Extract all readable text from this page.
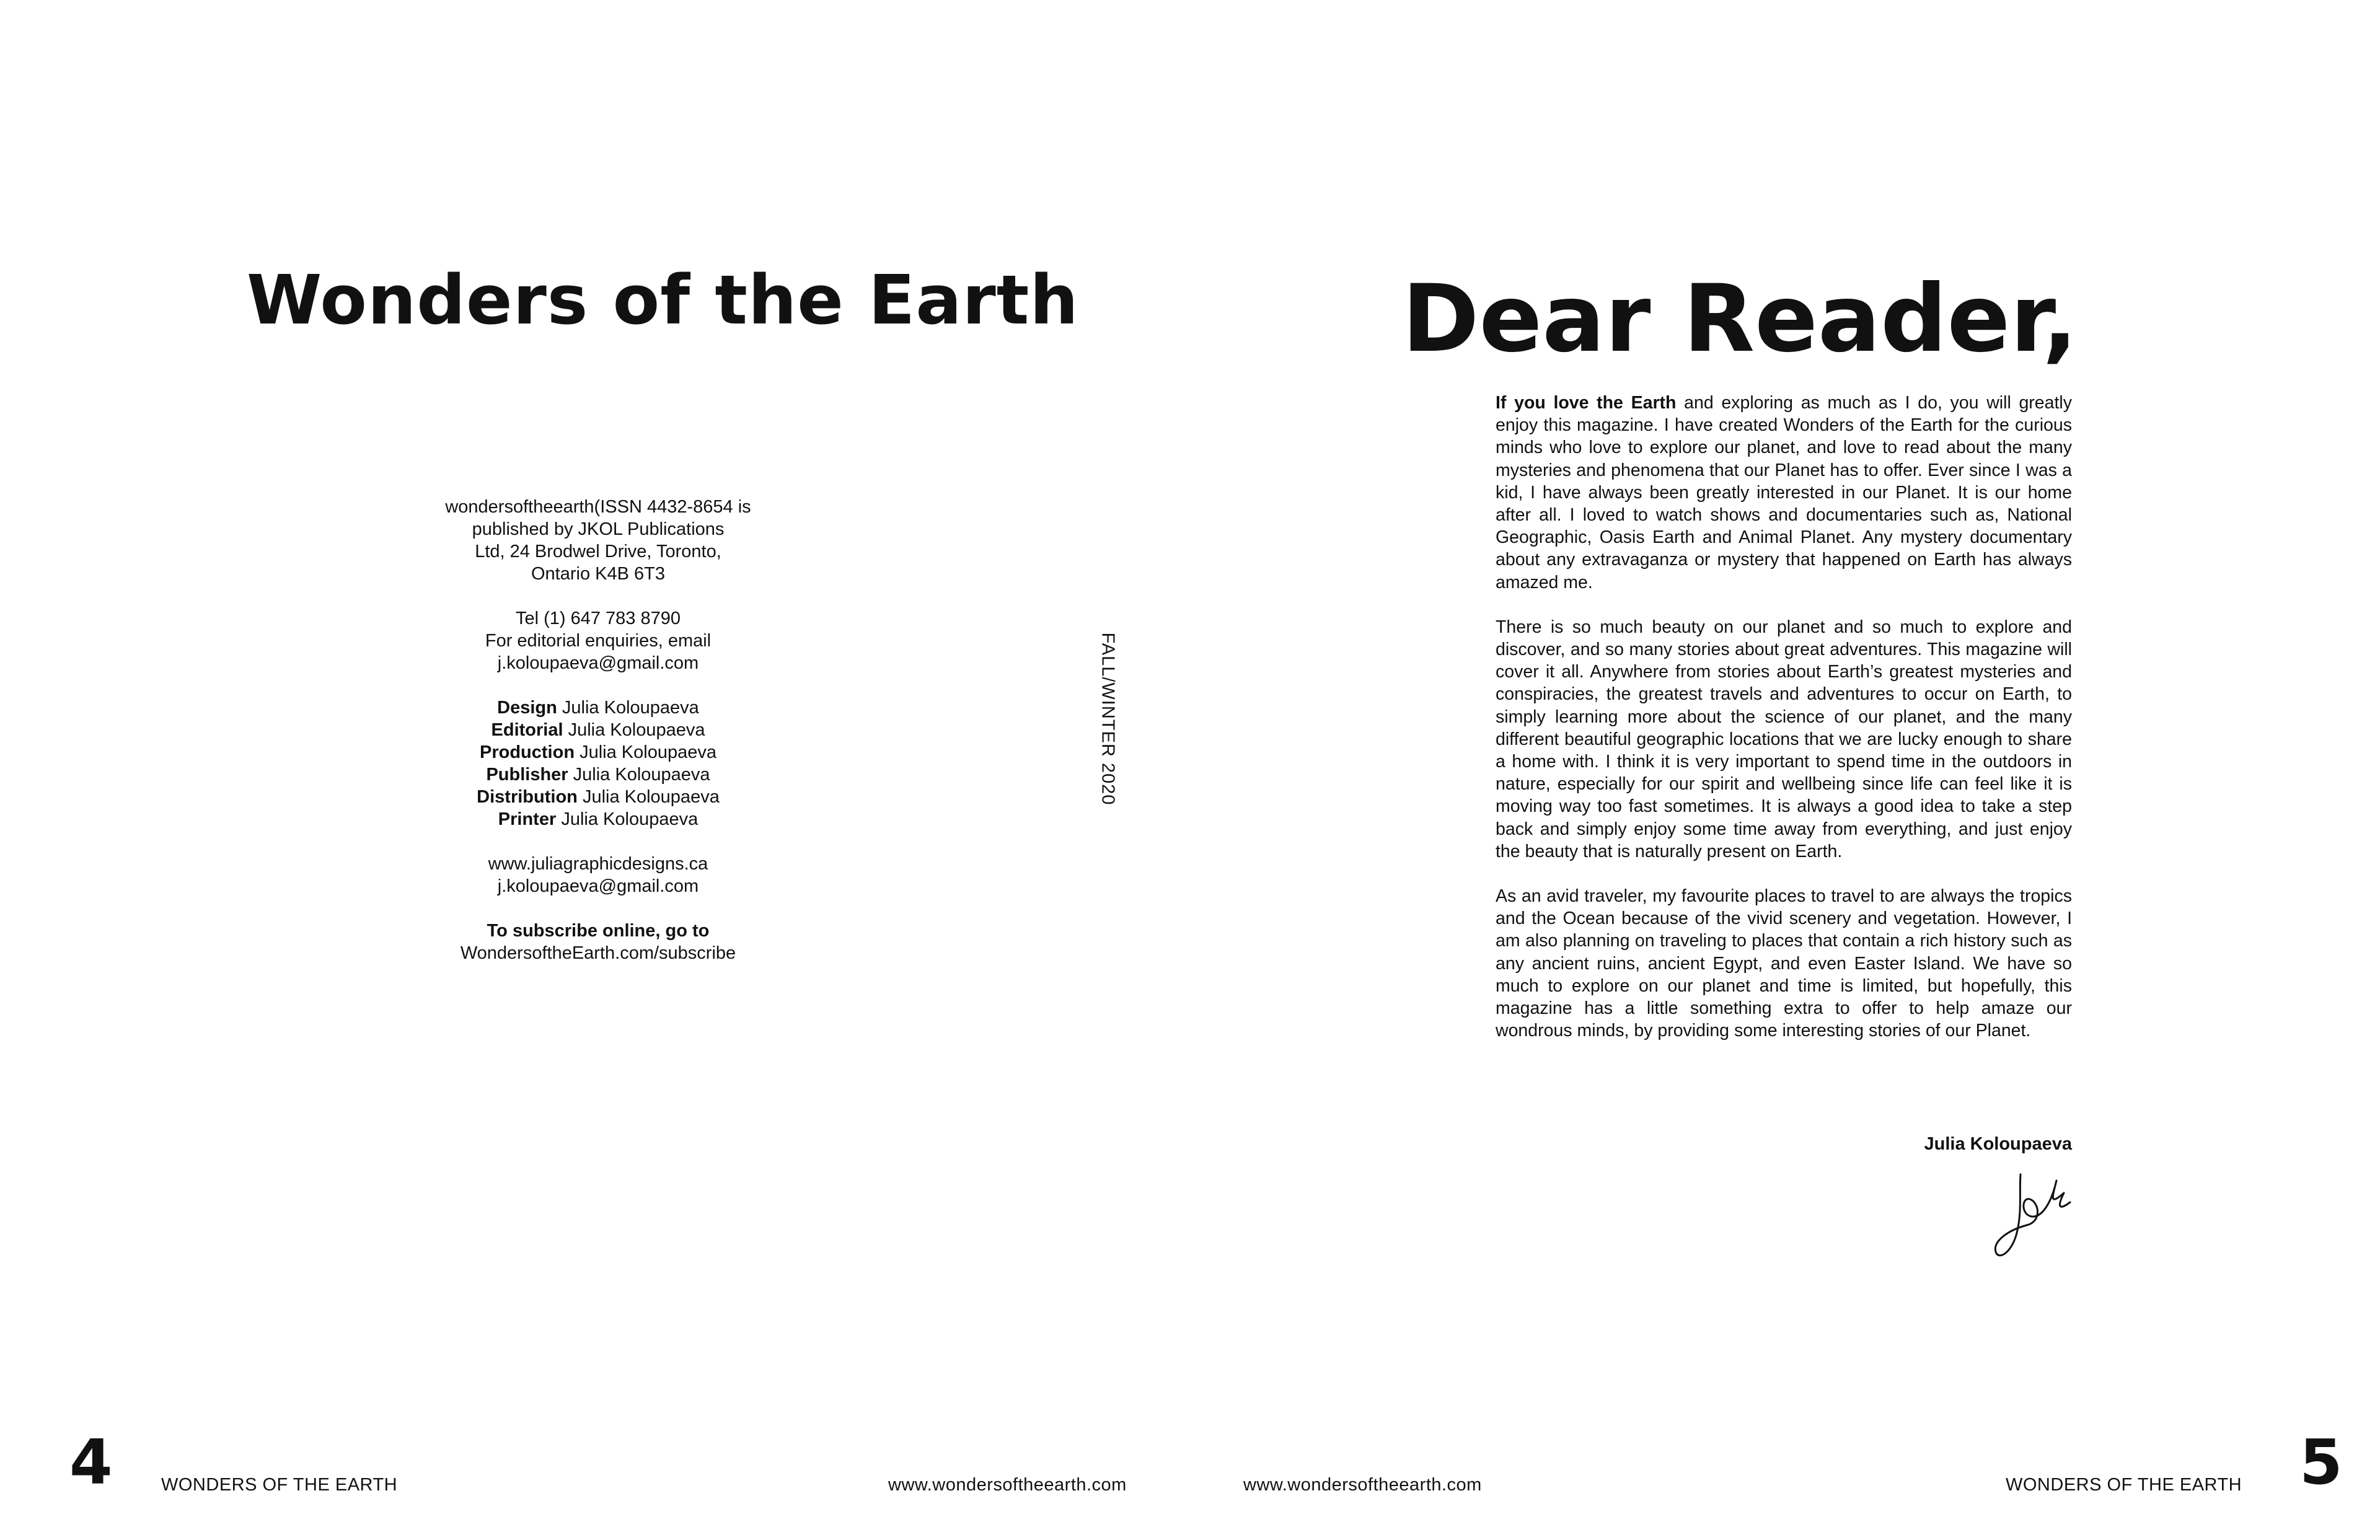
Wonders of the Earth

wondersoftheearth(ISSN 4432-8654 is
published by JKOL Publications
Ltd, 24 Brodwel Drive, Toronto,
Ontario K4B 6T3

Tel (1) 647 783 8790
For editorial enquiries, email
j.koloupaeva@gmail.com

Design Julia Koloupaeva
Editorial Julia Koloupaeva
Production Julia Koloupaeva
Publisher Julia Koloupaeva
Distribution Julia Koloupaeva
Printer Julia Koloupaeva

www.juliagraphicdesigns.ca
j.koloupaeva@gmail.com

To subscribe online, go to
WondersoftheEarth.com/subscribe

FALL/WINTER 2020
4	WONDERS OF THE EARTH	www.wondersoftheearth.com
Dear Reader,

If you love the Earth and exploring as much as I do, you will greatly enjoy this magazine. I have created Wonders of the Earth for the curious minds who love to explore our planet, and love to read about the many mysteries and phenomena that our Planet has to offer. Ever since I was a kid, I have always been greatly interested in our Planet. It is our home after all. I loved to watch shows and documentaries such as, National Geographic, Oasis Earth and Animal Planet. Any mystery documentary about any extravaganza or mystery that happened on Earth has always amazed me.

There is so much beauty on our planet and so much to explore and discover, and so many stories about great adventures. This magazine will cover it all. Anywhere from stories about Earth’s greatest mysteries and conspiracies, the greatest travels and adventures to occur on Earth, to simply learning more about the science of our planet, and the many different beautiful geographic locations that we are lucky enough to share a home with. I think it is very important to spend time in the outdoors in nature, especially for our spirit and wellbeing since life can feel like it is moving way too fast sometimes. It is always a good idea to take a step back and simply enjoy some time away from everything, and just enjoy the beauty that is naturally present on Earth.

As an avid traveler, my favourite places to travel to are always the tropics and the Ocean because of the vivid scenery and vegetation. However, I am also planning on traveling to places that contain a rich history such as any ancient ruins, ancient Egypt, and even Easter Island. We have so much to explore on our planet and time is limited, but hopefully, this magazine has a little something extra to offer to help amaze our wondrous minds, by providing some interesting stories of our Planet.

Julia Koloupaeva
www.wondersoftheearth.com	WONDERS OF THE EARTH 5
